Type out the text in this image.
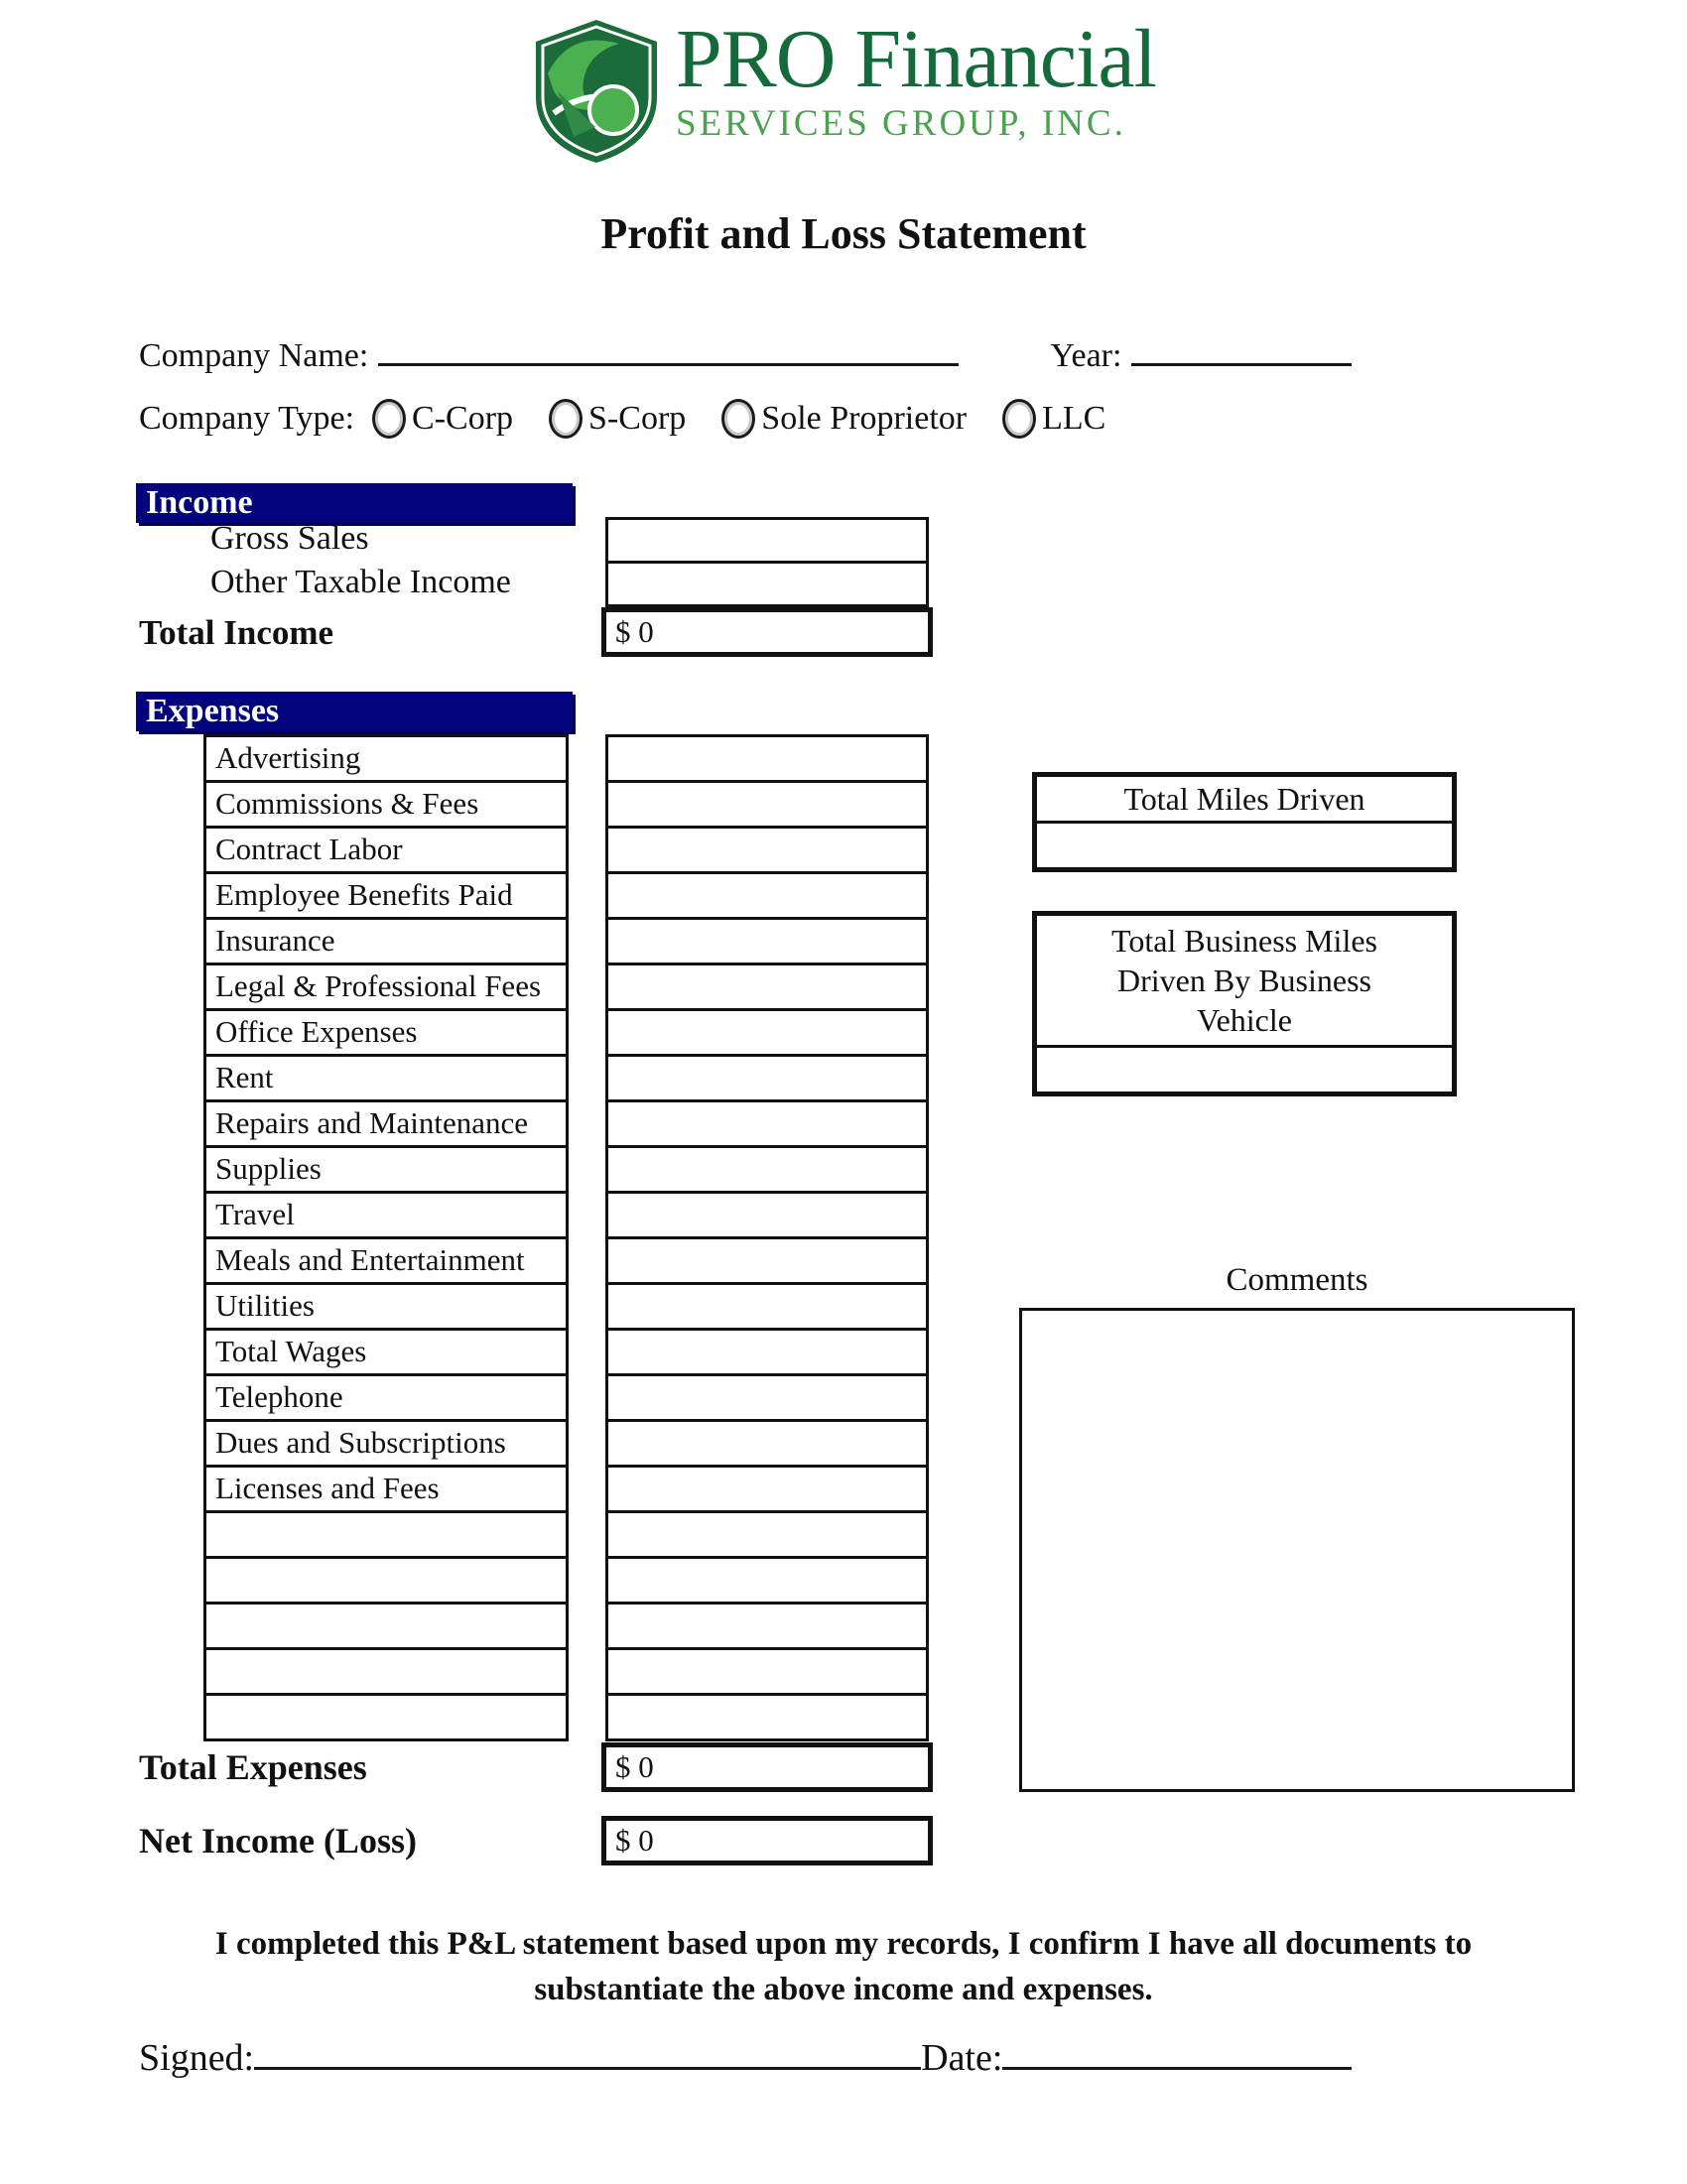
PRO Financial
SERVICES GROUP, INC.
Profit and Loss Statement
Company Name:	Year:
Company Type: C-Corp S-Corp Sole Proprietor LLC
Income
Gross Sales
Other Taxable Income
Total Income	$ 0
Expenses
Advertising
Commissions & Fees
Contract Labor
Employee Benefits Paid
Insurance
Legal & Professional Fees
Office Expenses
Rent
Repairs and Maintenance
Supplies
Travel
Meals and Entertainment
Utilities
Total Wages
Telephone
Dues and Subscriptions
Licenses and Fees
Total Expenses	$ 0
Net Income (Loss)	$ 0
Total Miles Driven
Total Business Miles Driven By Business Vehicle
Comments
I completed this P&L statement based upon my records, I confirm I have all documents to substantiate the above income and expenses.
Signed:	Date:
